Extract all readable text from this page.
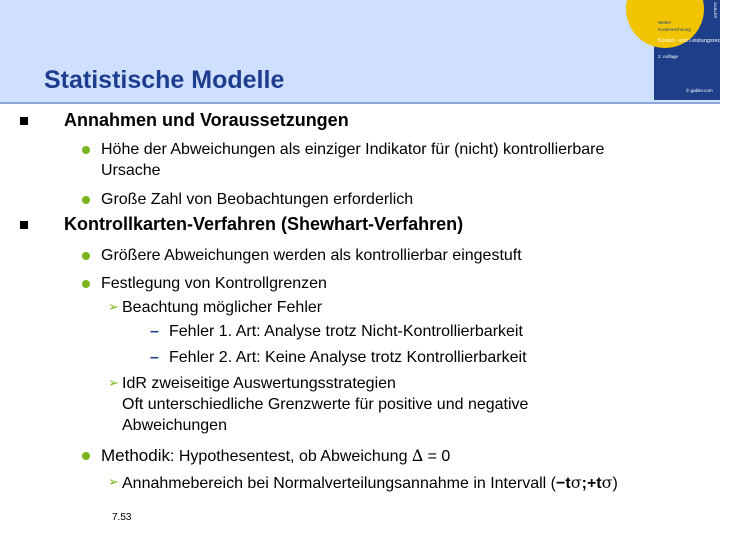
GABLER
Weber
Kostenrechnung
Kosten- und Leistungsrechnung
2. Auflage
© gabler.com
Statistische Modelle
Annahmen und Voraussetzungen
Höhe der Abweichungen als einziger Indikator für (nicht) kontrollierbare
Ursache
Große Zahl von Beobachtungen erforderlich
Kontrollkarten-Verfahren (Shewhart-Verfahren)
Größere Abweichungen werden als kontrollierbar eingestuft
Festlegung von Kontrollgrenzen
➢ Beachtung möglicher Fehler
– Fehler 1. Art: Analyse trotz Nicht-Kontrollierbarkeit
– Fehler 2. Art: Keine Analyse trotz Kontrollierbarkeit
➢ IdR zweiseitige Auswertungsstrategien
Oft unterschiedliche Grenzwerte für positive und negative
Abweichungen
Methodik: Hypothesentest, ob Abweichung ∆ = 0
➢ Annahmebereich bei Normalverteilungsannahme in Intervall (−tσ;+tσ)
7.53
